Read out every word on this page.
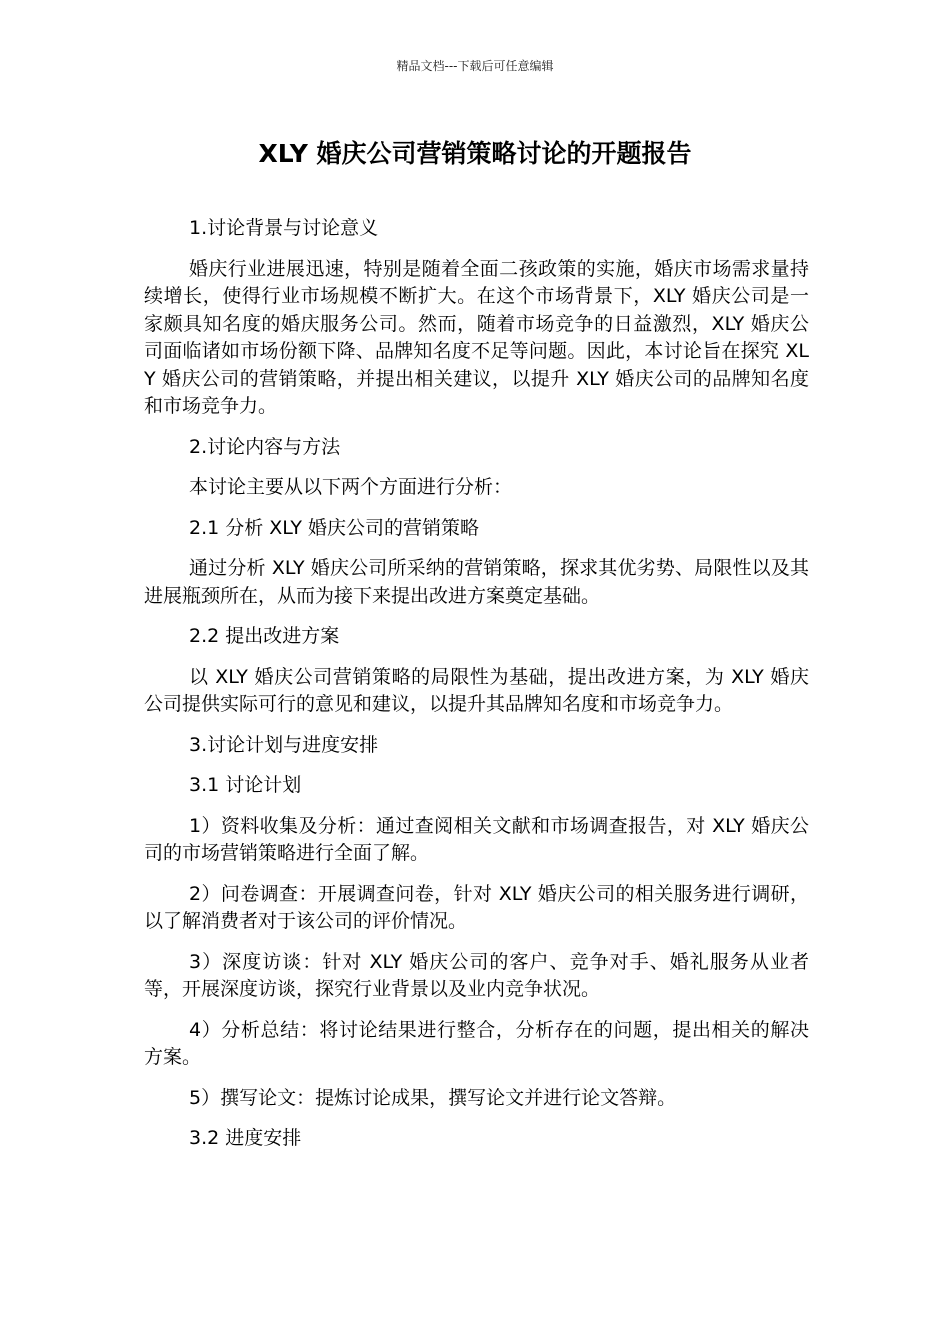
精品文档---下载后可任意编辑
XLY 婚庆公司营销策略讨论的开题报告

1.讨论背景与讨论意义

婚庆行业进展迅速，特别是随着全面二孩政策的实施，婚庆市场需求量持续增长，使得行业市场规模不断扩大。在这个市场背景下，XLY 婚庆公司是一家颇具知名度的婚庆服务公司。然而，随着市场竞争的日益激烈，XLY 婚庆公司面临诸如市场份额下降、品牌知名度不足等问题。因此，本讨论旨在探究 XLY 婚庆公司的营销策略，并提出相关建议，以提升 XLY 婚庆公司的品牌知名度和市场竞争力。

2.讨论内容与方法

本讨论主要从以下两个方面进行分析：

2.1 分析 XLY 婚庆公司的营销策略

通过分析 XLY 婚庆公司所采纳的营销策略，探求其优劣势、局限性以及其进展瓶颈所在，从而为接下来提出改进方案奠定基础。

2.2 提出改进方案

以 XLY 婚庆公司营销策略的局限性为基础，提出改进方案，为 XLY 婚庆公司提供实际可行的意见和建议，以提升其品牌知名度和市场竞争力。

3.讨论计划与进度安排

3.1 讨论计划

1）资料收集及分析：通过查阅相关文献和市场调查报告，对 XLY 婚庆公司的市场营销策略进行全面了解。

2）问卷调查：开展调查问卷，针对 XLY 婚庆公司的相关服务进行调研，以了解消费者对于该公司的评价情况。

3）深度访谈：针对 XLY 婚庆公司的客户、竞争对手、婚礼服务从业者等，开展深度访谈，探究行业背景以及业内竞争状况。

4）分析总结：将讨论结果进行整合，分析存在的问题，提出相关的解决方案。

5）撰写论文：提炼讨论成果，撰写论文并进行论文答辩。

3.2 进度安排
